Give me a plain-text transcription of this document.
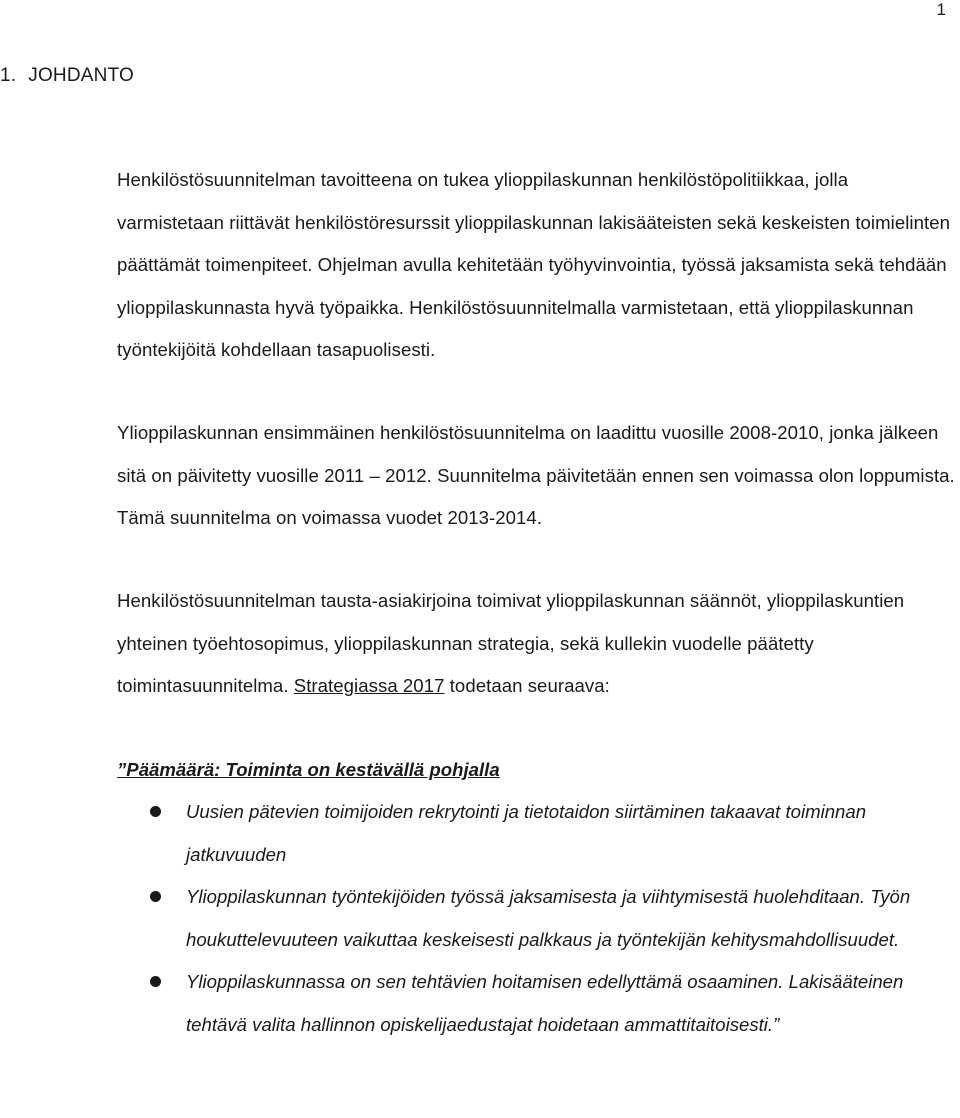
1
1. JOHDANTO

Henkilöstösuunnitelman tavoitteena on tukea ylioppilaskunnan henkilöstöpolitiikkaa, jolla varmistetaan riittävät henkilöstöresurssit ylioppilaskunnan lakisääteisten sekä keskeisten toimielinten päättämät toimenpiteet. Ohjelman avulla kehitetään työhyvinvointia, työssä jaksamista sekä tehdään ylioppilaskunnasta hyvä työpaikka. Henkilöstösuunnitelmalla varmistetaan, että ylioppilaskunnan työntekijöitä kohdellaan tasapuolisesti.

Ylioppilaskunnan ensimmäinen henkilöstösuunnitelma on laadittu vuosille 2008-2010, jonka jälkeen sitä on päivitetty vuosille 2011 – 2012. Suunnitelma päivitetään ennen sen voimassa olon loppumista. Tämä suunnitelma on voimassa vuodet 2013-2014.

Henkilöstösuunnitelman tausta-asiakirjoina toimivat ylioppilaskunnan säännöt, ylioppilaskuntien yhteinen työehtosopimus, ylioppilaskunnan strategia, sekä kullekin vuodelle päätetty toimintasuunnitelma. Strategiassa 2017 todetaan seuraava:

”Päämäärä: Toiminta on kestävällä pohjalla

Uusien pätevien toimijoiden rekrytointi ja tietotaidon siirtäminen takaavat toiminnan jatkuvuuden
Ylioppilaskunnan työntekijöiden työssä jaksamisesta ja viihtymisestä huolehditaan. Työn houkuttelevuuteen vaikuttaa keskeisesti palkkaus ja työntekijän kehitysmahdollisuudet.
Ylioppilaskunnassa on sen tehtävien hoitamisen edellyttämä osaaminen. Lakisääteinen tehtävä valita hallinnon opiskelijaedustajat hoidetaan ammattitaitoisesti.”
